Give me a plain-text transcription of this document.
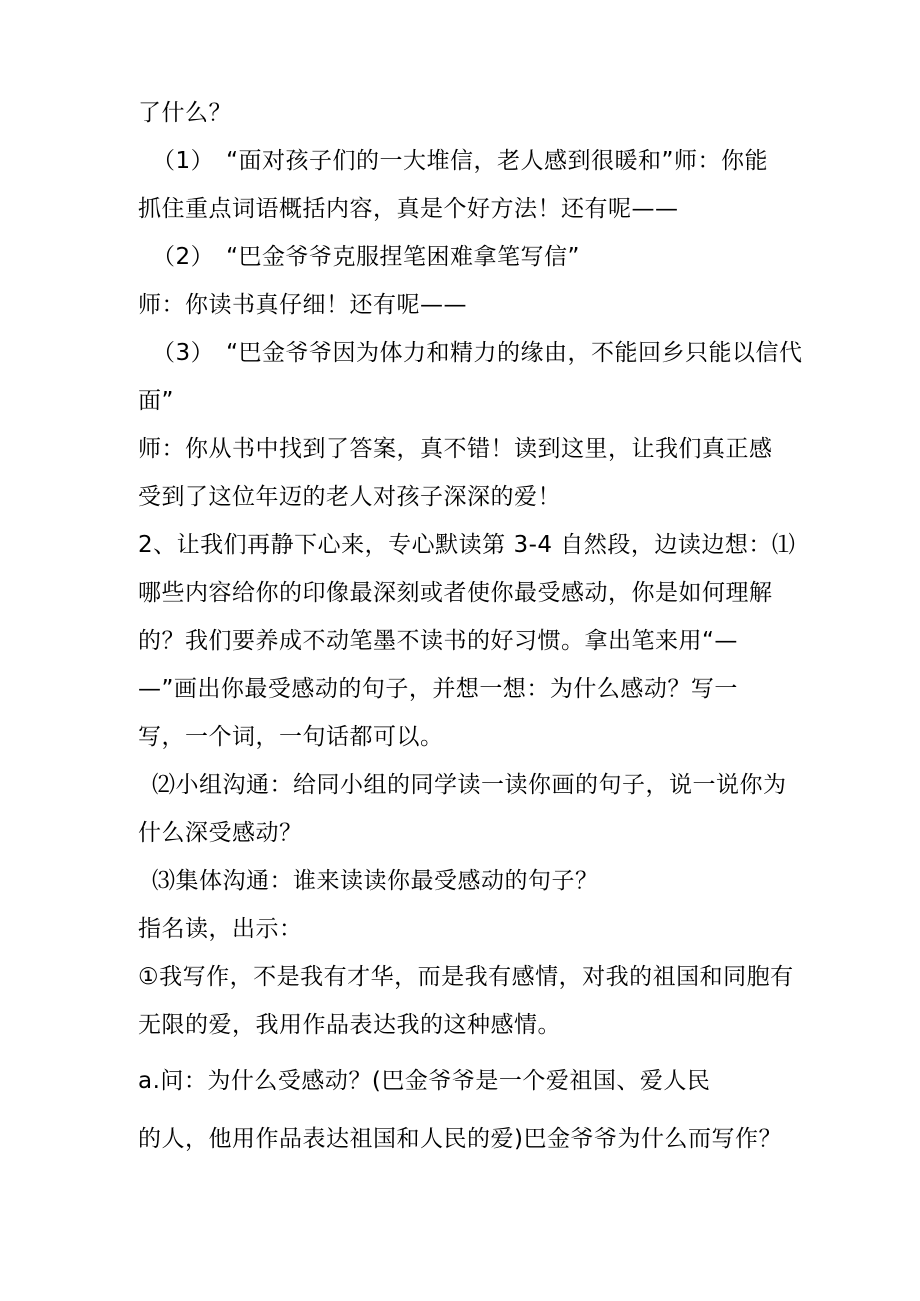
了什么？
（1）　“面对孩子们的一大堆信，老人感到很暖和”师：你能
抓住重点词语概括内容，真是个好方法！还有呢——
（2）　“巴金爷爷克服捏笔困难拿笔写信”
师：你读书真仔细！还有呢——
（3）　“巴金爷爷因为体力和精力的缘由，不能回乡只能以信代
面”
师：你从书中找到了答案，真不错！读到这里，让我们真正感
受到了这位年迈的老人对孩子深深的爱！
2、让我们再静下心来，专心默读第 3-4 自然段，边读边想：⑴
哪些内容给你的印像最深刻或者使你最受感动，你是如何理解
的？我们要养成不动笔墨不读书的好习惯。拿出笔来用“—
—”画出你最受感动的句子，并想一想：为什么感动？写一
写，一个词，一句话都可以。
⑵小组沟通：给同小组的同学读一读你画的句子，说一说你为
什么深受感动？
⑶集体沟通：谁来读读你最受感动的句子？
指名读，出示：
①我写作，不是我有才华，而是我有感情，对我的祖国和同胞有
无限的爱，我用作品表达我的这种感情。
a.问：为什么受感动？(巴金爷爷是一个爱祖国、爱人民
的人，他用作品表达祖国和人民的爱)巴金爷爷为什么而写作？
